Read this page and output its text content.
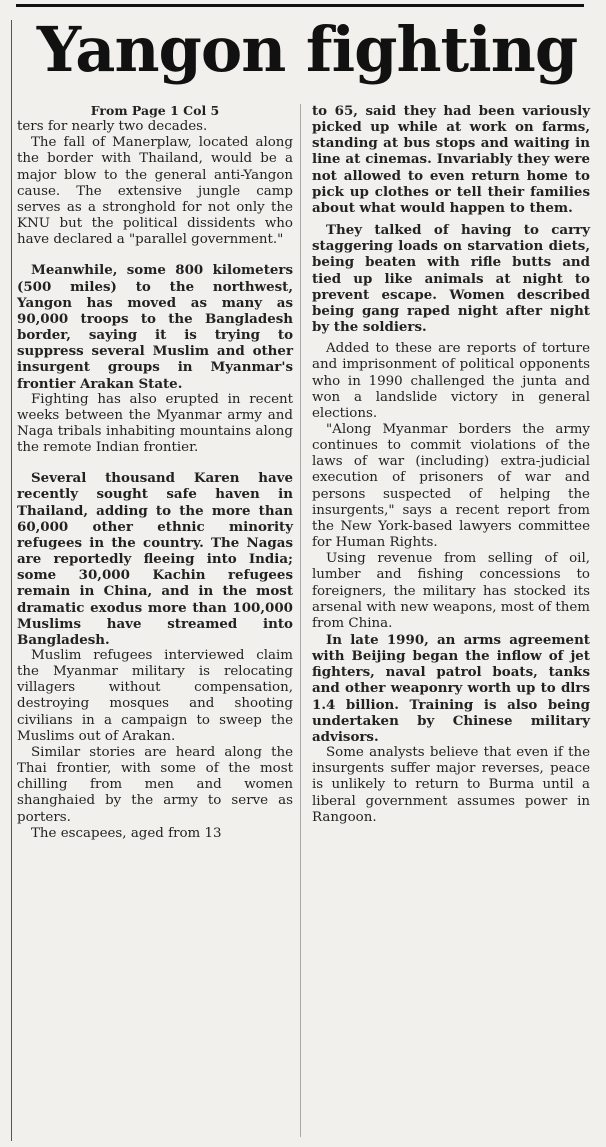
Yangon fighting

From Page 1 Col 5

ters for nearly two decades.

The fall of Manerplaw, located along the border with Thailand, would be a major blow to the general anti-Yangon cause. The extensive jungle camp serves as a stronghold for not only the KNU but the political dissidents who have declared a "parallel government."

Meanwhile, some 800 kilometers (500 miles) to the northwest, Yangon has moved as many as 90,000 troops to the Bangladesh border, saying it is trying to suppress several Muslim and other insurgent groups in Myanmar's frontier Arakan State.

Fighting has also erupted in recent weeks between the Myanmar army and Naga tribals inhabiting mountains along the remote Indian frontier.

Several thousand Karen have recently sought safe haven in Thailand, adding to the more than 60,000 other ethnic minority refugees in the country. The Nagas are reportedly fleeing into India; some 30,000 Kachin refugees remain in China, and in the most dramatic exodus more than 100,000 Muslims have streamed into Bangladesh.

Muslim refugees interviewed claim the Myanmar military is relocating villagers without compensation, destroying mosques and shooting civilians in a campaign to sweep the Muslims out of Arakan.

Similar stories are heard along the Thai frontier, with some of the most chilling from men and women shanghaied by the army to serve as porters.

The escapees, aged from 13

to 65, said they had been variously picked up while at work on farms, standing at bus stops and waiting in line at cinemas. Invariably they were not allowed to even return home to pick up clothes or tell their families about what would happen to them.

They talked of having to carry staggering loads on starvation diets, being beaten with rifle butts and tied up like animals at night to prevent escape. Women described being gang raped night after night by the soldiers.

Added to these are reports of torture and imprisonment of political opponents who in 1990 challenged the junta and won a landslide victory in general elections.

"Along Myanmar borders the army continues to commit violations of the laws of war (including) extra-judicial execution of prisoners of war and persons suspected of helping the insurgents," says a recent report from the New York-based lawyers committee for Human Rights.

Using revenue from selling of oil, lumber and fishing concessions to foreigners, the military has stocked its arsenal with new weapons, most of them from China.

In late 1990, an arms agreement with Beijing began the inflow of jet fighters, naval patrol boats, tanks and other weaponry worth up to dlrs 1.4 billion. Training is also being undertaken by Chinese military advisors.

Some analysts believe that even if the insurgents suffer major reverses, peace is unlikely to return to Burma until a liberal government assumes power in Rangoon.
